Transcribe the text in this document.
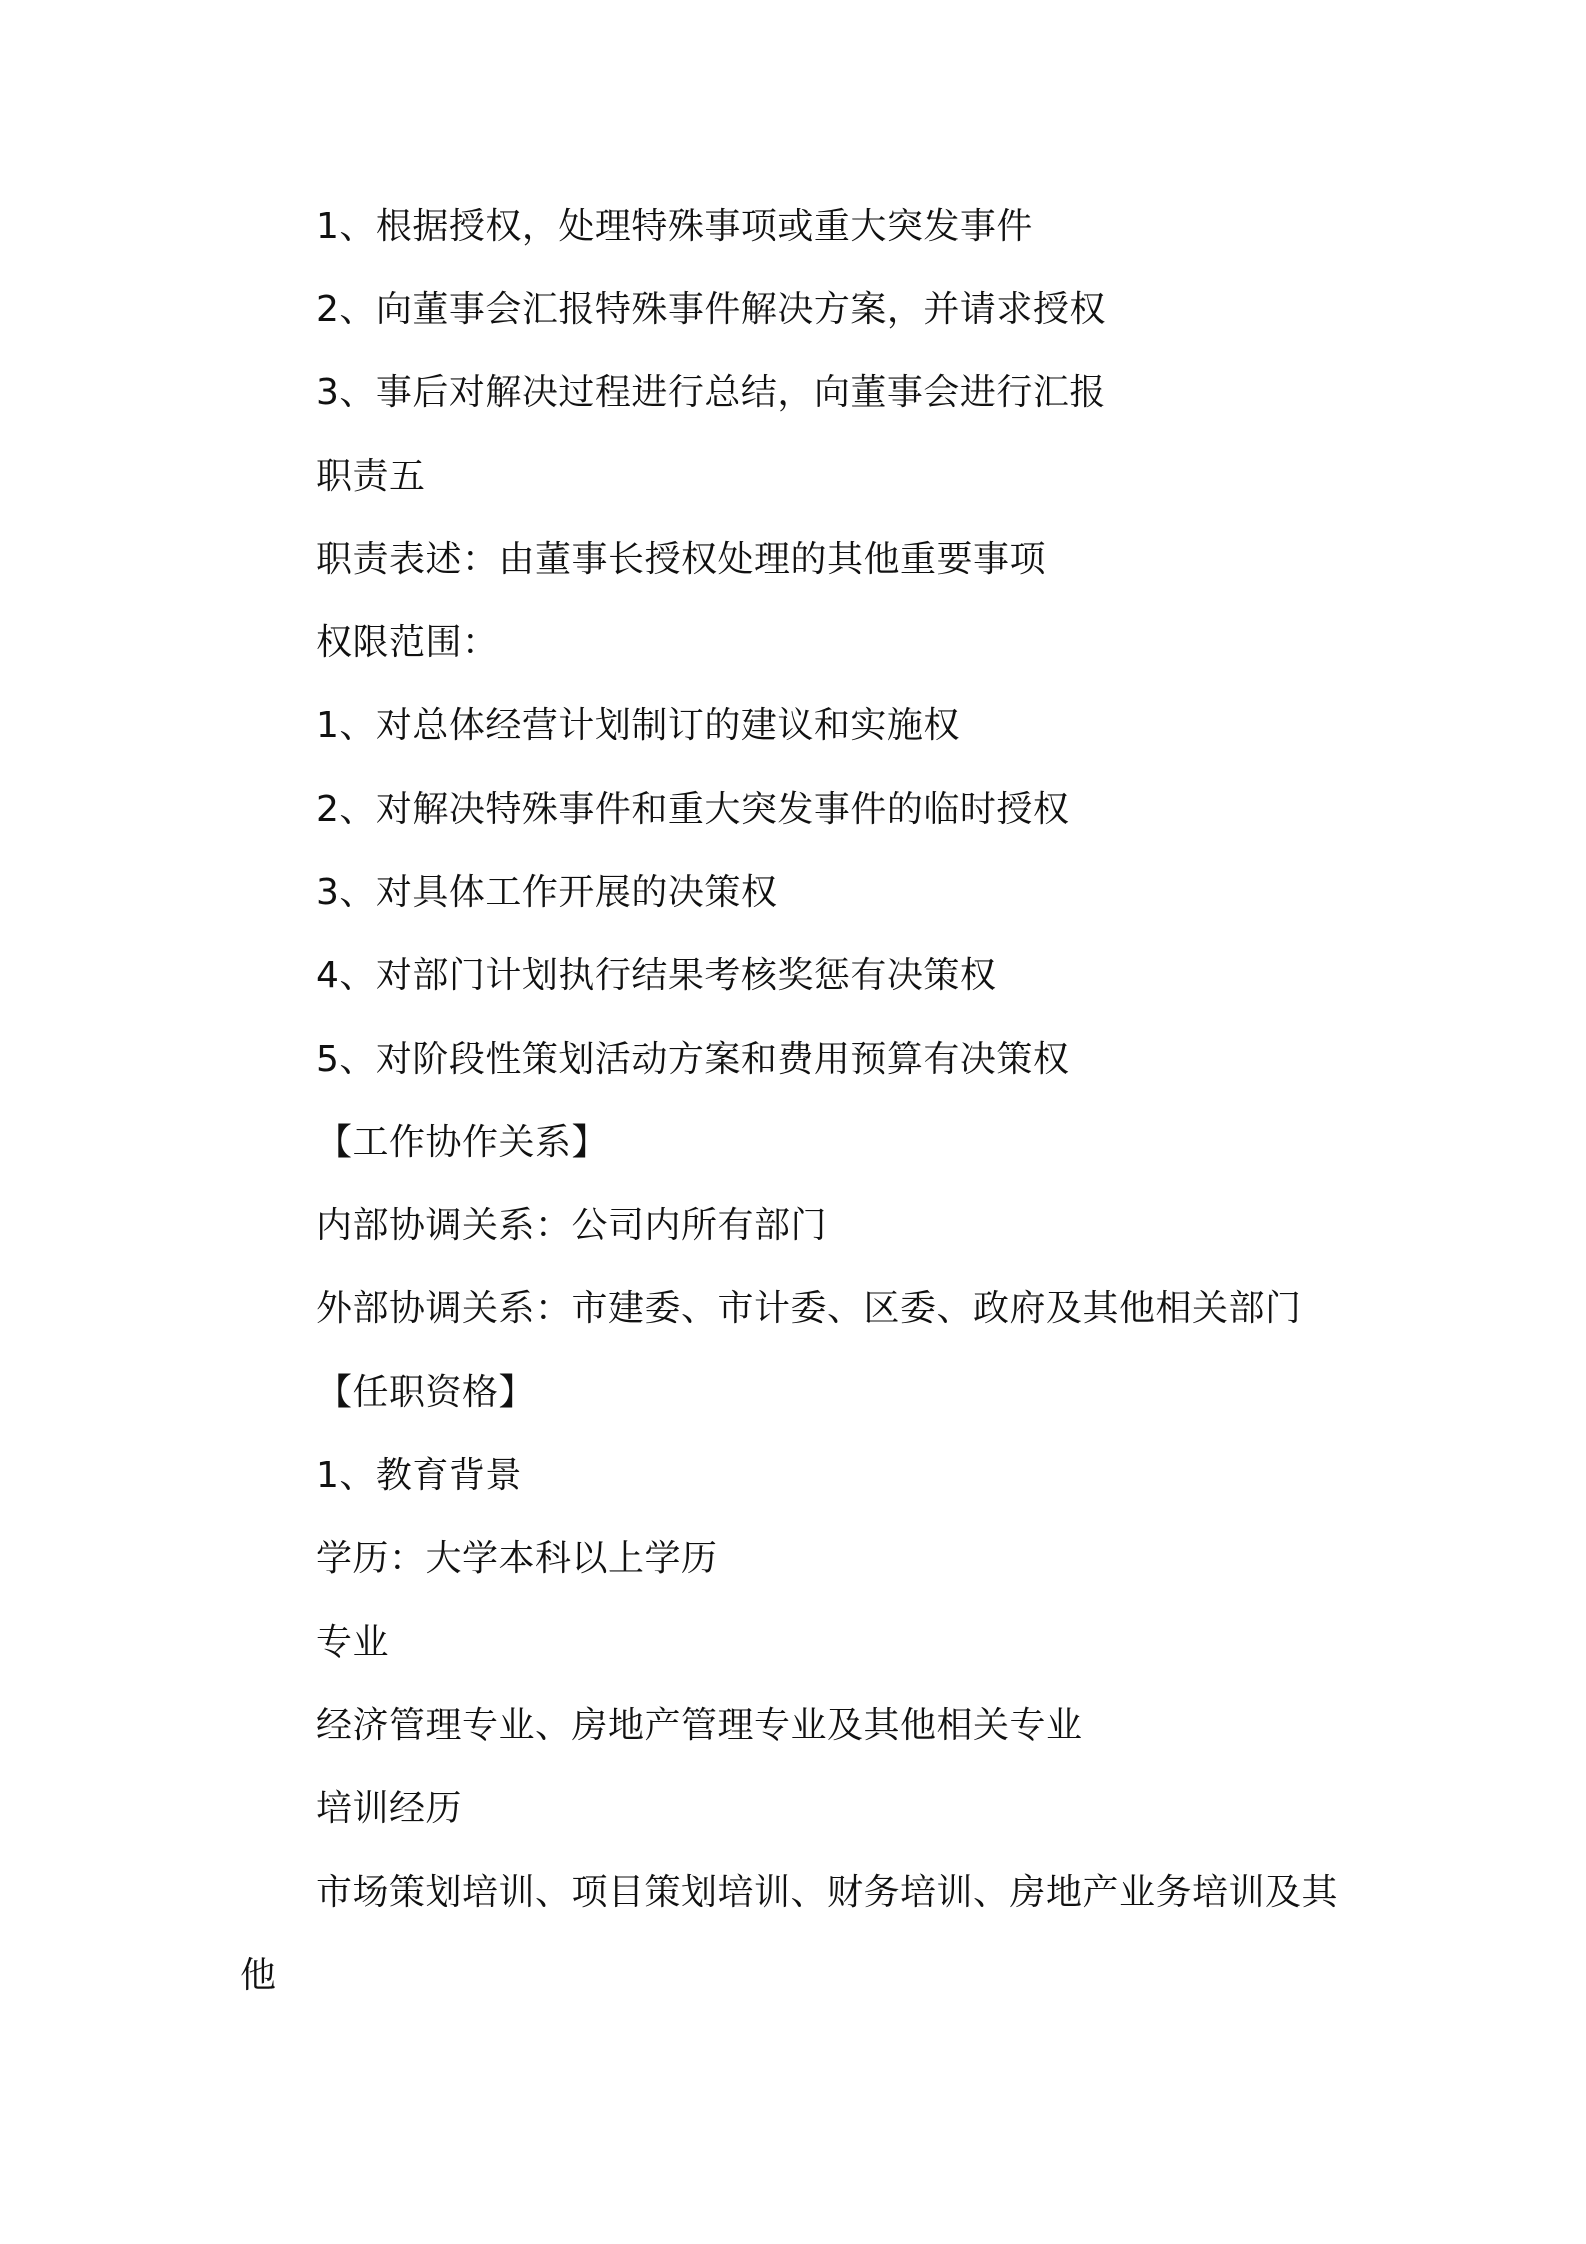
1、根据授权，处理特殊事项或重大突发事件
2、向董事会汇报特殊事件解决方案，并请求授权
3、事后对解决过程进行总结，向董事会进行汇报
职责五
职责表述：由董事长授权处理的其他重要事项
权限范围：
1、对总体经营计划制订的建议和实施权
2、对解决特殊事件和重大突发事件的临时授权
3、对具体工作开展的决策权
4、对部门计划执行结果考核奖惩有决策权
5、对阶段性策划活动方案和费用预算有决策权
【工作协作关系】
内部协调关系：公司内所有部门
外部协调关系：市建委、市计委、区委、政府及其他相关部门
【任职资格】
1、教育背景
学历：大学本科以上学历
专业
经济管理专业、房地产管理专业及其他相关专业
培训经历
市场策划培训、项目策划培训、财务培训、房地产业务培训及其
他
